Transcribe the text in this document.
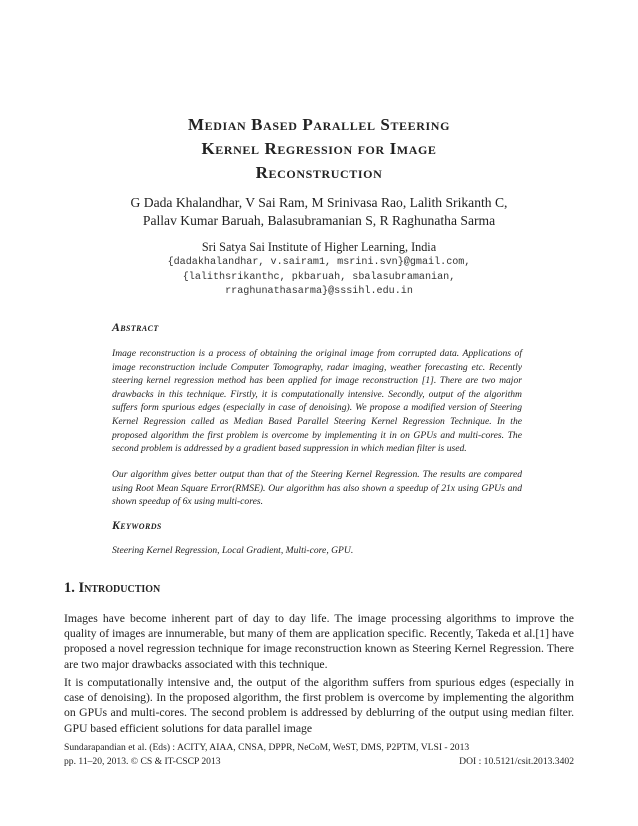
Median Based Parallel Steering
Kernel Regression for Image
Reconstruction
G Dada Khalandhar, V Sai Ram, M Srinivasa Rao, Lalith Srikanth C,
Pallav Kumar Baruah, Balasubramanian S, R Raghunatha Sarma
Sri Satya Sai Institute of Higher Learning, India
{dadakhalandhar, v.sairam1, msrini.svn}@gmail.com,
{lalithsrikanthc, pkbaruah, sbalasubramanian,
rraghunathasarma}@sssihl.edu.in
Abstract

Image reconstruction is a process of obtaining the original image from corrupted data. Applications of image reconstruction include Computer Tomography, radar imaging, weather forecasting etc. Recently steering kernel regression method has been applied for image reconstruction [1]. There are two major drawbacks in this technique. Firstly, it is computationally intensive. Secondly, output of the algorithm suffers form spurious edges (especially in case of denoising). We propose a modified version of Steering Kernel Regression called as Median Based Parallel Steering Kernel Regression Technique. In the proposed algorithm the first problem is overcome by implementing it in on GPUs and multi-cores. The second problem is addressed by a gradient based suppression in which median filter is used.

Our algorithm gives better output than that of the Steering Kernel Regression. The results are compared using Root Mean Square Error(RMSE). Our algorithm has also shown a speedup of 21x using GPUs and shown speedup of 6x using multi-cores.

Keywords
Steering Kernel Regression, Local Gradient, Multi-core, GPU.
1. Introduction

Images have become inherent part of day to day life. The image processing algorithms to improve the quality of images are innumerable, but many of them are application specific. Recently, Takeda et al.[1] have proposed a novel regression technique for image reconstruction known as Steering Kernel Regression. There are two major drawbacks associated with this technique.

It is computationally intensive and, the output of the algorithm suffers from spurious edges (especially in case of denoising). In the proposed algorithm, the first problem is overcome by implementing the algorithm on GPUs and multi-cores. The second problem is addressed by deblurring of the output using median filter. GPU based efficient solutions for data parallel image

Sundarapandian et al. (Eds) : ACITY, AIAA, CNSA, DPPR, NeCoM, WeST, DMS, P2PTM, VLSI - 2013
pp. 11–20, 2013. © CS & IT-CSCP 2013	DOI : 10.5121/csit.2013.3402
